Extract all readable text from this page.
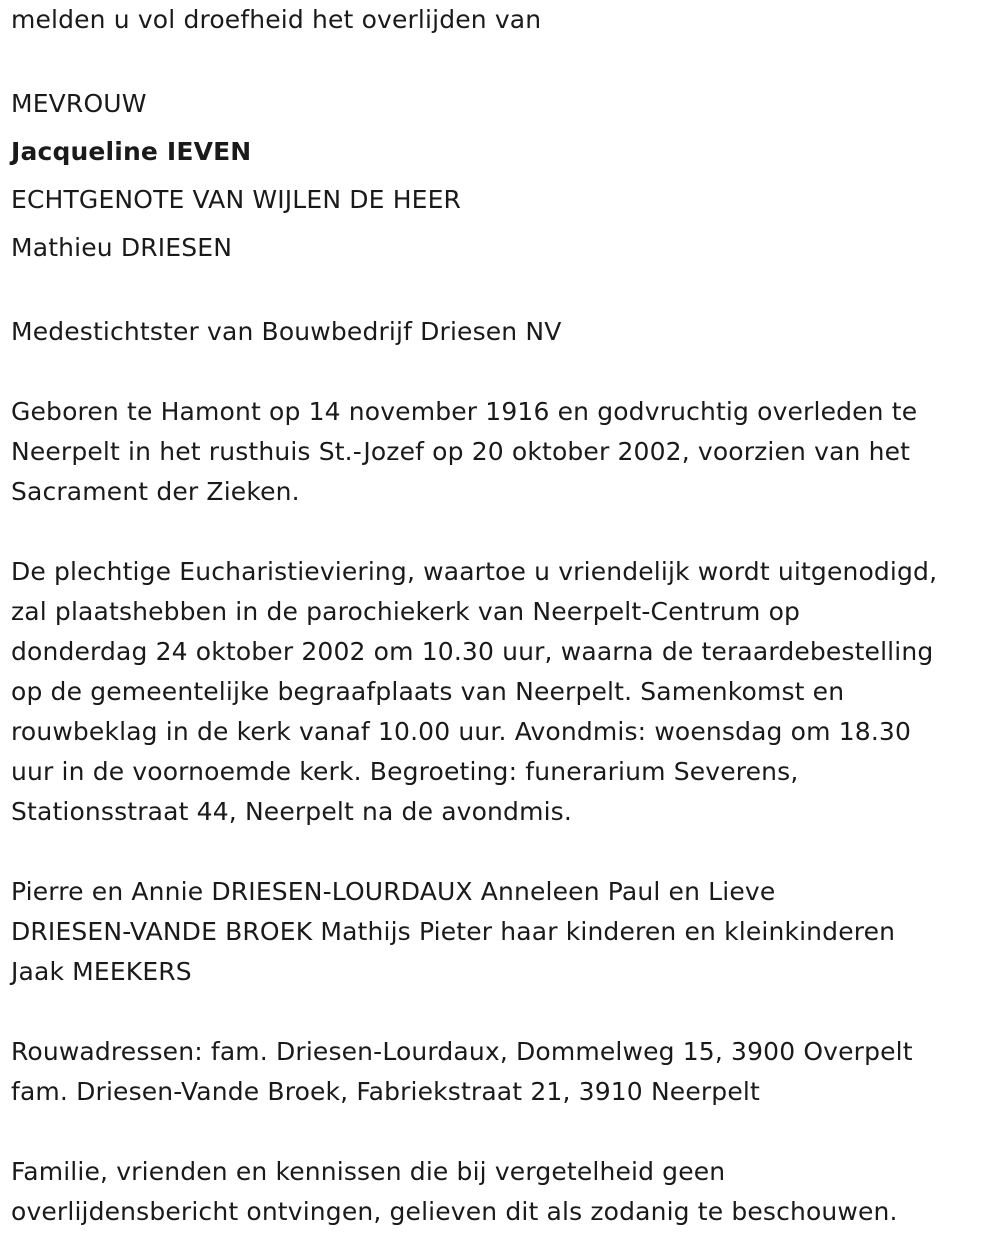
melden u vol droefheid het overlijden van
MEVROUW
Jacqueline IEVEN
ECHTGENOTE VAN WIJLEN DE HEER
Mathieu DRIESEN
Medestichtster van Bouwbedrijf Driesen NV
Geboren te Hamont op 14 november 1916 en godvruchtig overleden te
Neerpelt in het rusthuis St.-Jozef op 20 oktober 2002, voorzien van het
Sacrament der Zieken.
De plechtige Eucharistieviering, waartoe u vriendelijk wordt uitgenodigd,
zal plaatshebben in de parochiekerk van Neerpelt-Centrum op
donderdag 24 oktober 2002 om 10.30 uur, waarna de teraardebestelling
op de gemeentelijke begraafplaats van Neerpelt. Samenkomst en
rouwbeklag in de kerk vanaf 10.00 uur. Avondmis: woensdag om 18.30
uur in de voornoemde kerk. Begroeting: funerarium Severens,
Stationsstraat 44, Neerpelt na de avondmis.
Pierre en Annie DRIESEN-LOURDAUX Anneleen Paul en Lieve
DRIESEN-VANDE BROEK Mathijs Pieter haar kinderen en kleinkinderen
Jaak MEEKERS
Rouwadressen: fam. Driesen-Lourdaux, Dommelweg 15, 3900 Overpelt
fam. Driesen-Vande Broek, Fabriekstraat 21, 3910 Neerpelt
Familie, vrienden en kennissen die bij vergetelheid geen
overlijdensbericht ontvingen, gelieven dit als zodanig te beschouwen.
